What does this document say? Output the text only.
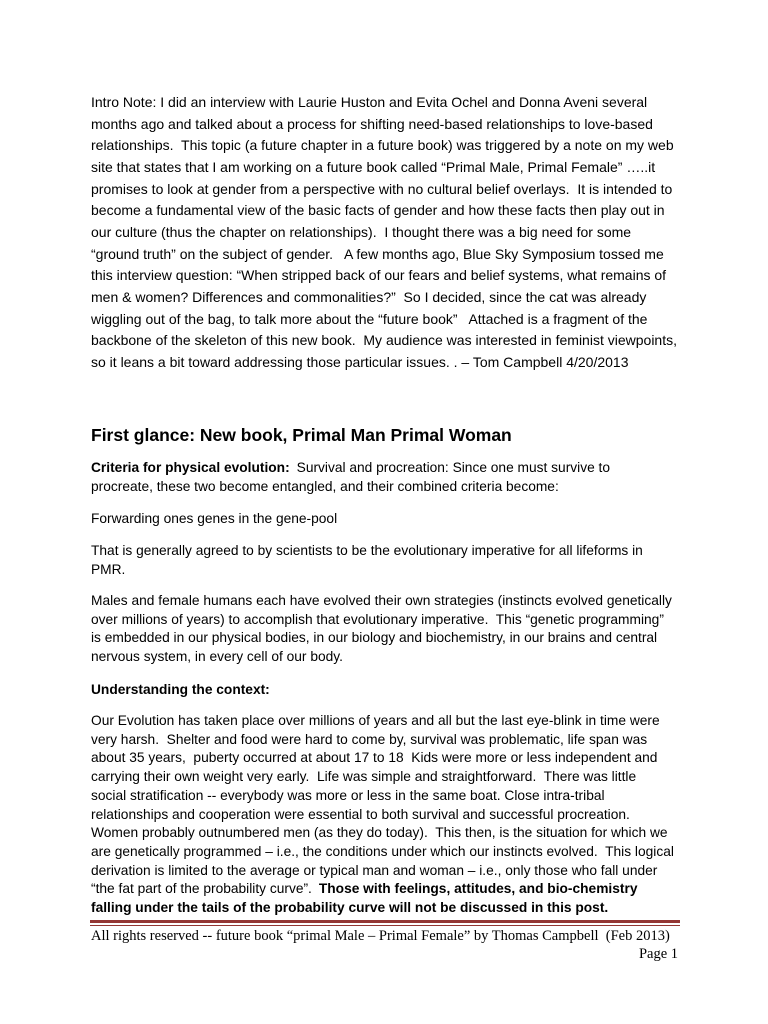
Intro Note: I did an interview with Laurie Huston and Evita Ochel and Donna Aveni several
months ago and talked about a process for shifting need-based relationships to love-based
relationships.  This topic (a future chapter in a future book) was triggered by a note on my web
site that states that I am working on a future book called “Primal Male, Primal Female” …..it
promises to look at gender from a perspective with no cultural belief overlays.  It is intended to
become a fundamental view of the basic facts of gender and how these facts then play out in
our culture (thus the chapter on relationships).  I thought there was a big need for some
“ground truth” on the subject of gender.   A few months ago, Blue Sky Symposium tossed me
this interview question: “When stripped back of our fears and belief systems, what remains of
men & women? Differences and commonalities?”  So I decided, since the cat was already
wiggling out of the bag, to talk more about the “future book”   Attached is a fragment of the
backbone of the skeleton of this new book.  My audience was interested in feminist viewpoints,
so it leans a bit toward addressing those particular issues. . – Tom Campbell 4/20/2013
First glance: New book, Primal Man Primal Woman
Criteria for physical evolution: Survival and procreation: Since one must survive to
procreate, these two become entangled, and their combined criteria become:
Forwarding ones genes in the gene-pool
That is generally agreed to by scientists to be the evolutionary imperative for all lifeforms in
PMR.
Males and female humans each have evolved their own strategies (instincts evolved genetically
over millions of years) to accomplish that evolutionary imperative.  This “genetic programming”
is embedded in our physical bodies, in our biology and biochemistry, in our brains and central
nervous system, in every cell of our body.
Understanding the context:
Our Evolution has taken place over millions of years and all but the last eye-blink in time were
very harsh.  Shelter and food were hard to come by, survival was problematic, life span was
about 35 years,  puberty occurred at about 17 to 18  Kids were more or less independent and
carrying their own weight very early.  Life was simple and straightforward.  There was little
social stratification -- everybody was more or less in the same boat. Close intra-tribal
relationships and cooperation were essential to both survival and successful procreation.
Women probably outnumbered men (as they do today).  This then, is the situation for which we
are genetically programmed – i.e., the conditions under which our instincts evolved.  This logical
derivation is limited to the average or typical man and woman – i.e., only those who fall under
“the fat part of the probability curve”. Those with feelings, attitudes, and bio-chemistry
falling under the tails of the probability curve will not be discussed in this post.
All rights reserved -- future book “primal Male – Primal Female” by Thomas Campbell  (Feb 2013)
Page 1
